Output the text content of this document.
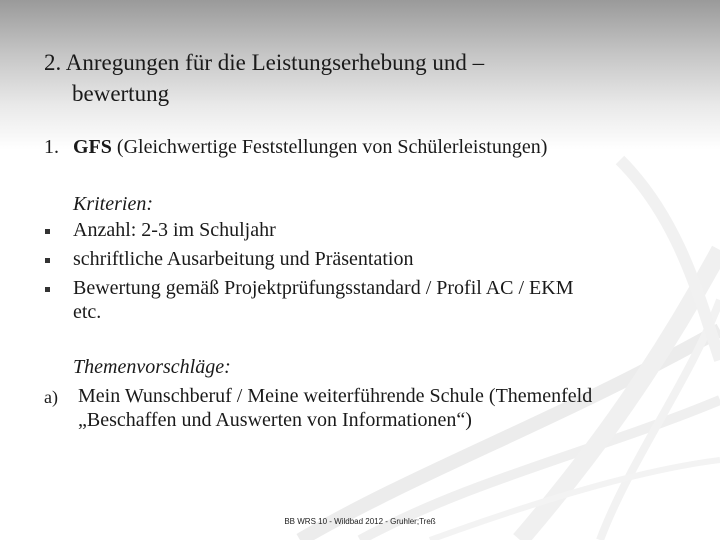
2. Anregungen für die Leistungserhebung und –
bewertung
1. GFS (Gleichwertige Feststellungen von Schülerleistungen)
Kriterien:
Anzahl: 2-3 im Schuljahr
schriftliche Ausarbeitung und Präsentation
Bewertung gemäß Projektprüfungsstandard / Profil AC / EKM
etc.
Themenvorschläge:
a) Mein Wunschberuf / Meine weiterführende Schule (Themenfeld
„Beschaffen und Auswerten von Informationen“)
BB WRS 10 - Wildbad 2012 - Gruhler;Treß
